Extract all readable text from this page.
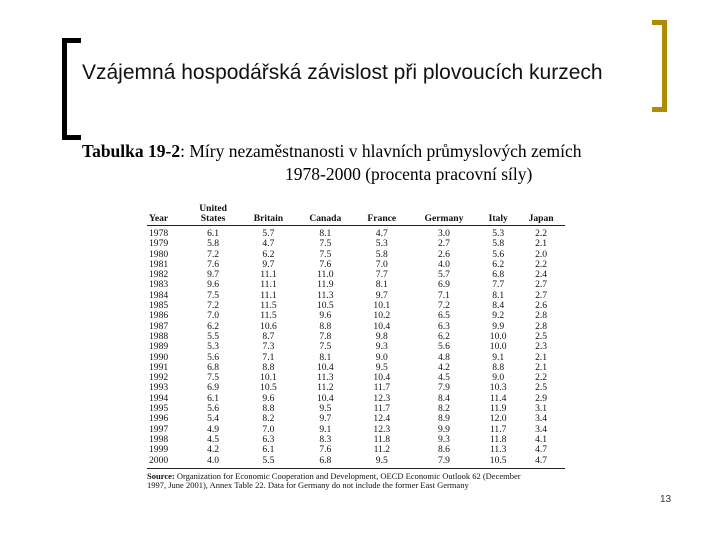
Vzájemná hospodářská závislost při plovoucích kurzech
Tabulka 19-2: Míry nezaměstnanosti v hlavních průmyslových zemích
1978-2000 (procenta pracovní síly)
Year	United States	Britain	Canada	France	Germany	Italy	Japan
1978	6.1	5.7	8.1	4.7	3.0	5.3	2.2
1979	5.8	4.7	7.5	5.3	2.7	5.8	2.1
1980	7.2	6.2	7.5	5.8	2.6	5.6	2.0
1981	7.6	9.7	7.6	7.0	4.0	6.2	2.2
1982	9.7	11.1	11.0	7.7	5.7	6.8	2.4
1983	9.6	11.1	11.9	8.1	6.9	7.7	2.7
1984	7.5	11.1	11.3	9.7	7.1	8.1	2.7
1985	7.2	11.5	10.5	10.1	7.2	8.4	2.6
1986	7.0	11.5	9.6	10.2	6.5	9.2	2.8
1987	6.2	10.6	8.8	10.4	6.3	9.9	2.8
1988	5.5	8.7	7.8	9.8	6.2	10.0	2.5
1989	5.3	7.3	7.5	9.3	5.6	10.0	2.3
1990	5.6	7.1	8.1	9.0	4.8	9.1	2.1
1991	6.8	8.8	10.4	9.5	4.2	8.8	2.1
1992	7.5	10.1	11.3	10.4	4.5	9.0	2.2
1993	6.9	10.5	11.2	11.7	7.9	10.3	2.5
1994	6.1	9.6	10.4	12.3	8.4	11.4	2.9
1995	5.6	8.8	9.5	11.7	8.2	11.9	3.1
1996	5.4	8.2	9.7	12.4	8.9	12.0	3.4
1997	4.9	7.0	9.1	12.3	9.9	11.7	3.4
1998	4.5	6.3	8.3	11.8	9.3	11.8	4.1
1999	4.2	6.1	7.6	11.2	8.6	11.3	4.7
2000	4.0	5.5	6.8	9.5	7.9	10.5	4.7
Source: Organization for Economic Cooperation and Development, OECD Economic Outlook 62 (December
1997, June 2001), Annex Table 22. Data for Germany do not include the former East Germany
13
